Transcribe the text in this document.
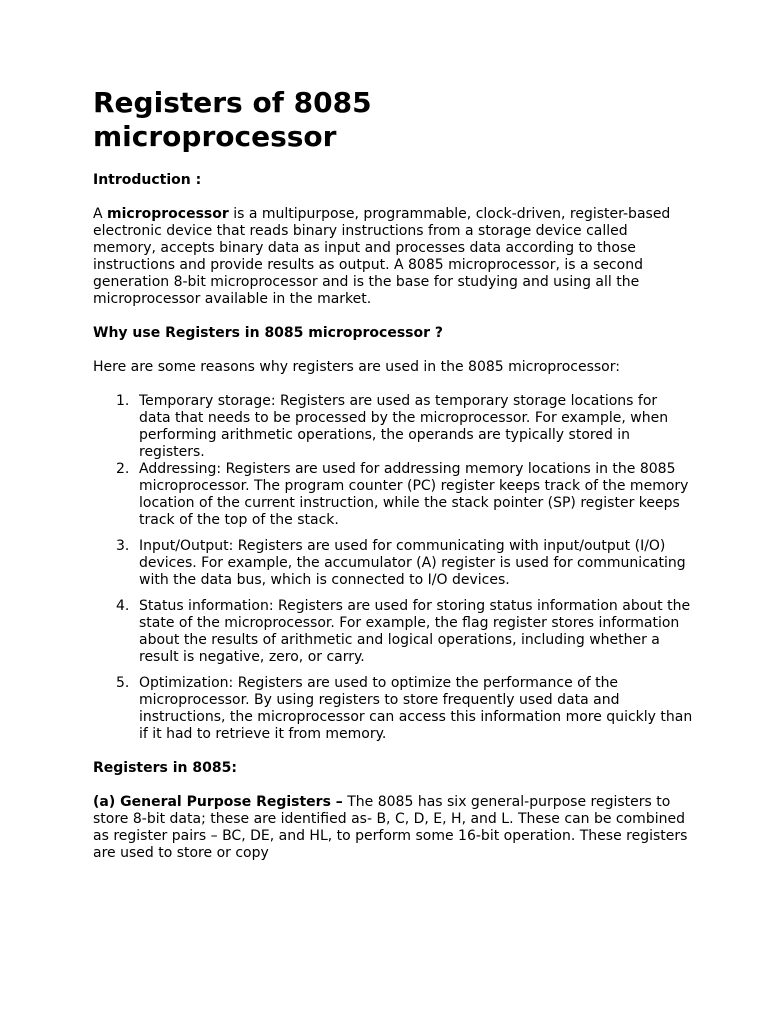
Registers of 8085
microprocessor
Introduction :

A microprocessor is a multipurpose, programmable, clock-driven, register-based electronic device that reads binary instructions from a storage device called memory, accepts binary data as input and processes data according to those instructions and provide results as output. A 8085 microprocessor, is a second generation 8-bit microprocessor and is the base for studying and using all the microprocessor available in the market.

Why use Registers in 8085 microprocessor ?

Here are some reasons why registers are used in the 8085 microprocessor:

1. Temporary storage: Registers are used as temporary storage locations for data that needs to be processed by the microprocessor. For example, when performing arithmetic operations, the operands are typically stored in registers.
2. Addressing: Registers are used for addressing memory locations in the 8085 microprocessor. The program counter (PC) register keeps track of the memory location of the current instruction, while the stack pointer (SP) register keeps track of the top of the stack.
3. Input/Output: Registers are used for communicating with input/output (I/O) devices. For example, the accumulator (A) register is used for communicating with the data bus, which is connected to I/O devices.
4. Status information: Registers are used for storing status information about the state of the microprocessor. For example, the flag register stores information about the results of arithmetic and logical operations, including whether a result is negative, zero, or carry.
5. Optimization: Registers are used to optimize the performance of the microprocessor. By using registers to store frequently used data and instructions, the microprocessor can access this information more quickly than if it had to retrieve it from memory.
Registers in 8085:

(a) General Purpose Registers – The 8085 has six general-purpose registers to store 8-bit data; these are identified as- B, C, D, E, H, and L. These can be combined as register pairs – BC, DE, and HL, to perform some 16-bit operation. These registers are used to store or copy
